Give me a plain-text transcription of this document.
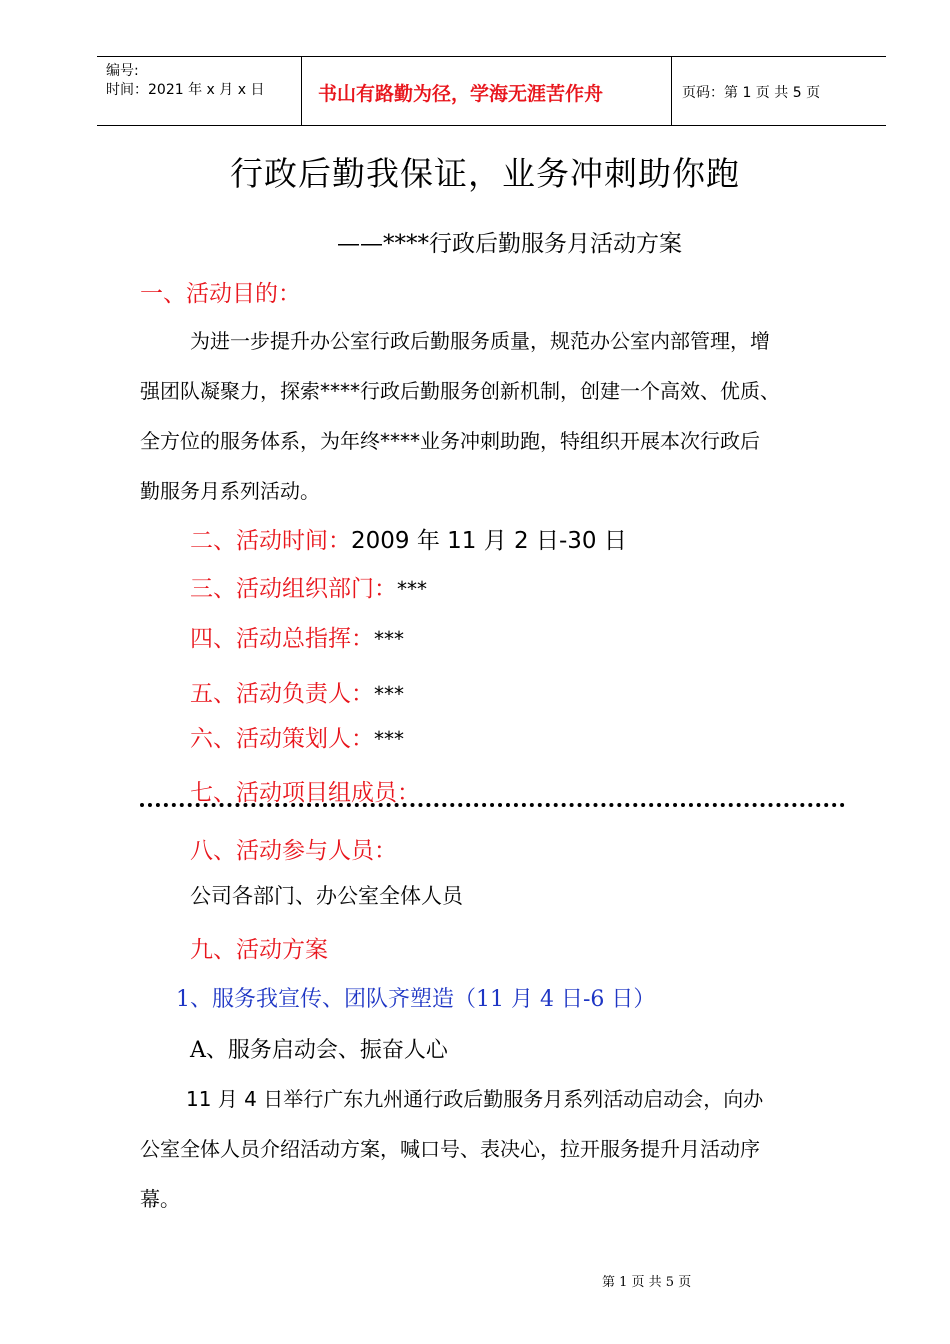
编号:
时间：2021 年 x 月 x 日	书山有路勤为径，学海无涯苦作舟	页码：第 1 页 共 5 页
行政后勤我保证，业务冲刺助你跑
——****行政后勤服务月活动方案
一、活动目的：
为进一步提升办公室行政后勤服务质量，规范办公室内部管理，增
强团队凝聚力，探索****行政后勤服务创新机制，创建一个高效、优质、
全方位的服务体系，为年终****业务冲刺助跑，特组织开展本次行政后
勤服务月系列活动。
二、活动时间：2009 年 11 月 2 日-30 日
三、活动组织部门：***
四、活动总指挥：***
五、活动负责人：***
六、活动策划人：***
七、活动项目组成员：
八、活动参与人员：
公司各部门、办公室全体人员
九、活动方案
1、服务我宣传、团队齐塑造（11 月 4 日-6 日）
A、服务启动会、振奋人心
11 月 4 日举行广东九州通行政后勤服务月系列活动启动会，向办
公室全体人员介绍活动方案，喊口号、表决心，拉开服务提升月活动序
幕。
第 1 页 共 5 页
